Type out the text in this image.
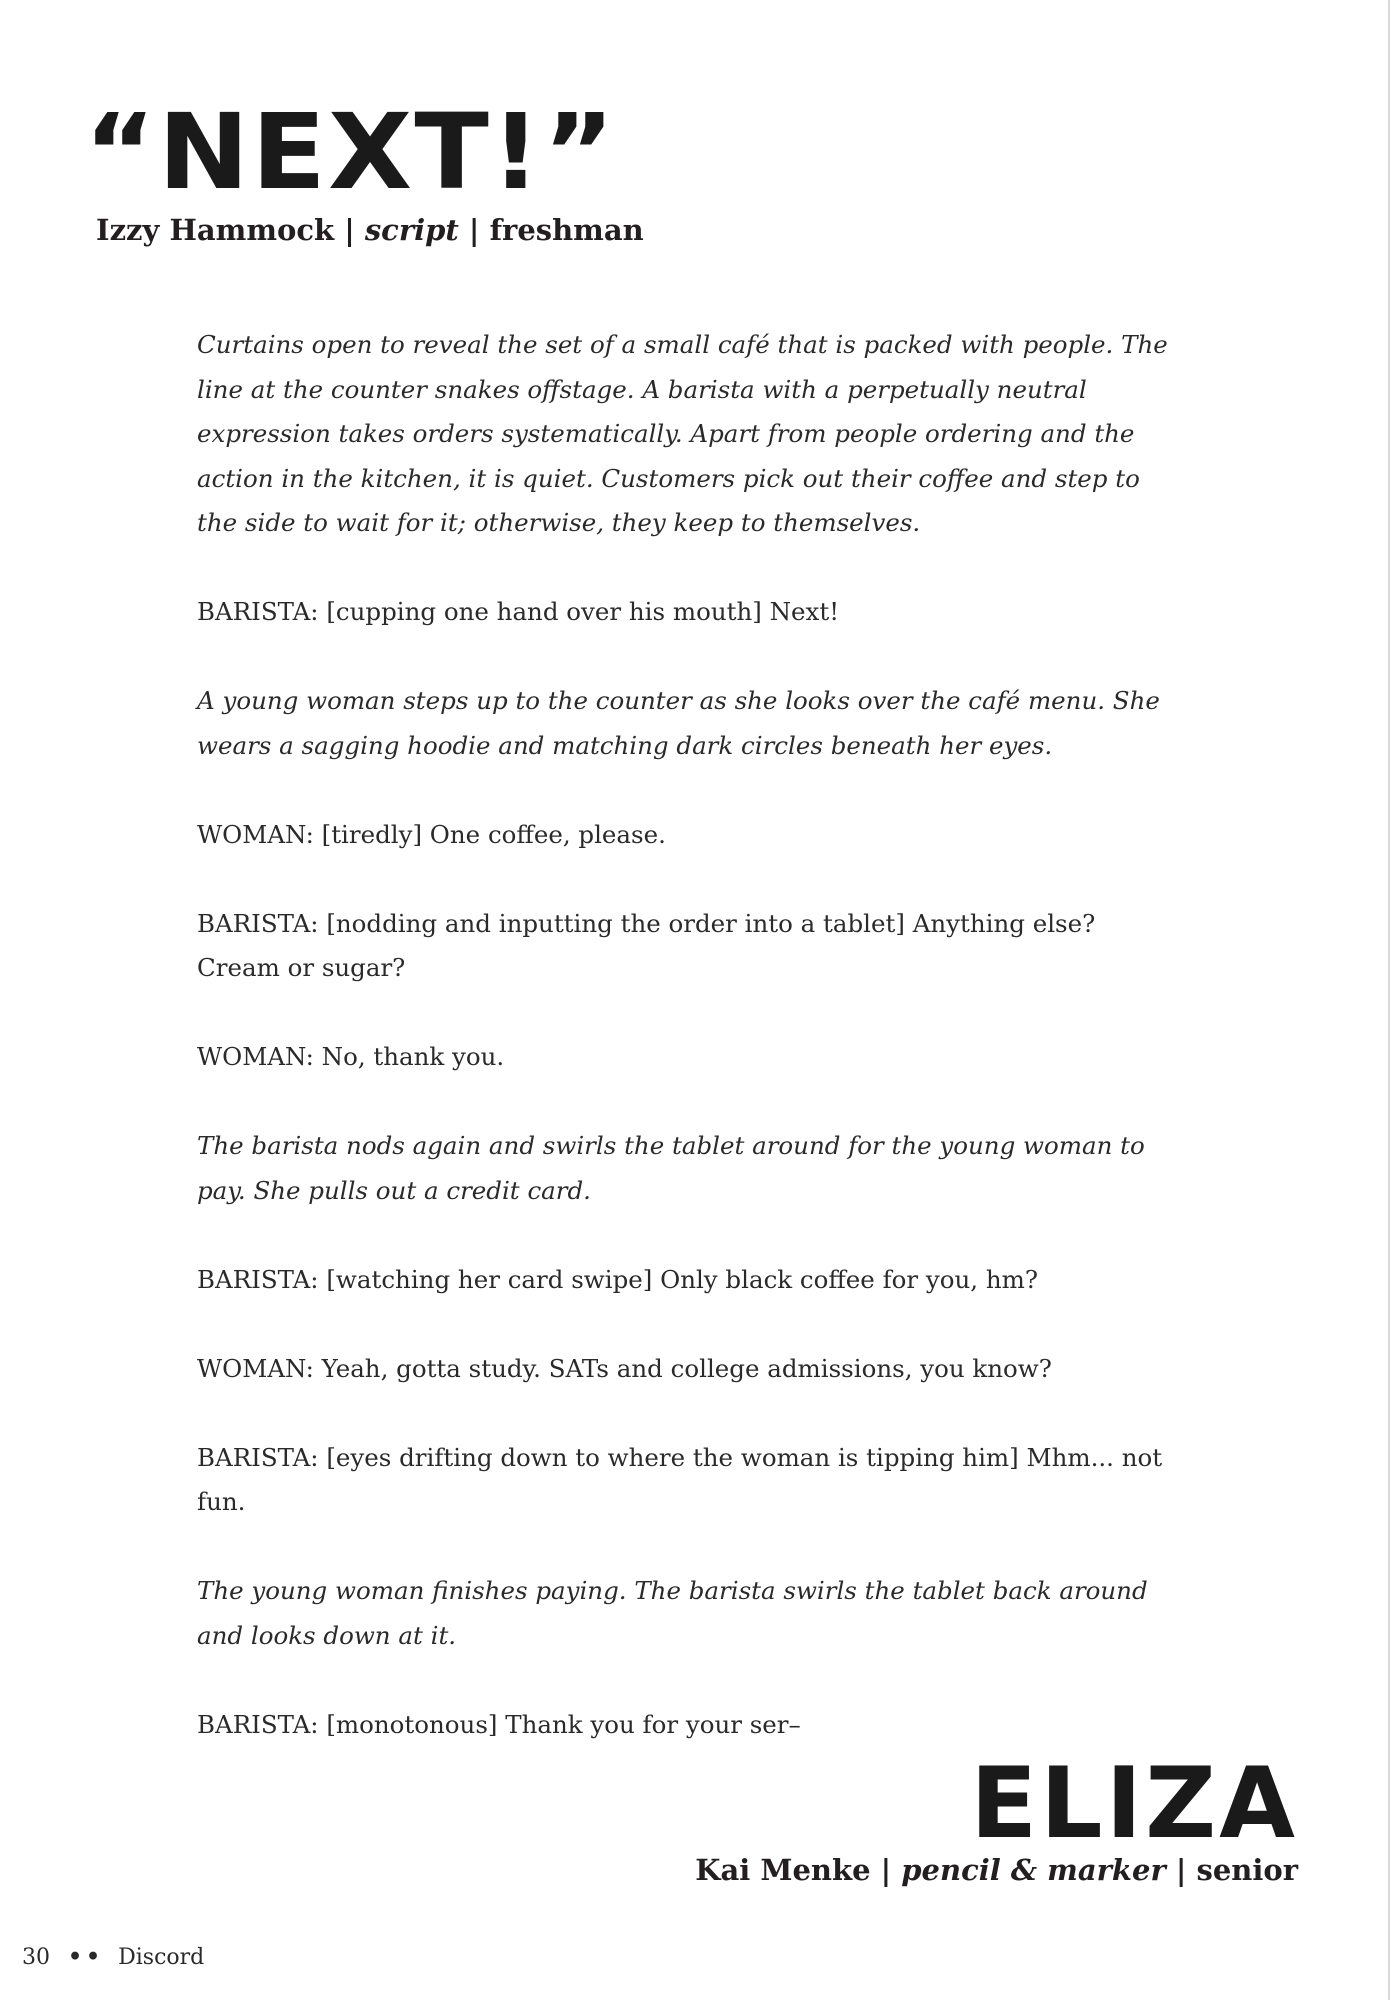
“NEXT!”
Izzy Hammock | script | freshman

Curtains open to reveal the set of a small café that is packed with people. The line at the counter snakes offstage. A barista with a perpetually neutral expression takes orders systematically. Apart from people ordering and the action in the kitchen, it is quiet. Customers pick out their coffee and step to the side to wait for it; otherwise, they keep to themselves.

BARISTA: [cupping one hand over his mouth] Next!

A young woman steps up to the counter as she looks over the café menu. She wears a sagging hoodie and matching dark circles beneath her eyes.

WOMAN: [tiredly] One coffee, please.

BARISTA: [nodding and inputting the order into a tablet] Anything else? Cream or sugar?

WOMAN: No, thank you.

The barista nods again and swirls the tablet around for the young woman to pay. She pulls out a credit card.

BARISTA: [watching her card swipe] Only black coffee for you, hm?

WOMAN: Yeah, gotta study. SATs and college admissions, you know?

BARISTA: [eyes drifting down to where the woman is tipping him] Mhm... not fun.

The young woman finishes paying. The barista swirls the tablet back around and looks down at it.

BARISTA: [monotonous] Thank you for your ser–

ELIZA
Kai Menke | pencil & marker | senior
30 •• Discord
